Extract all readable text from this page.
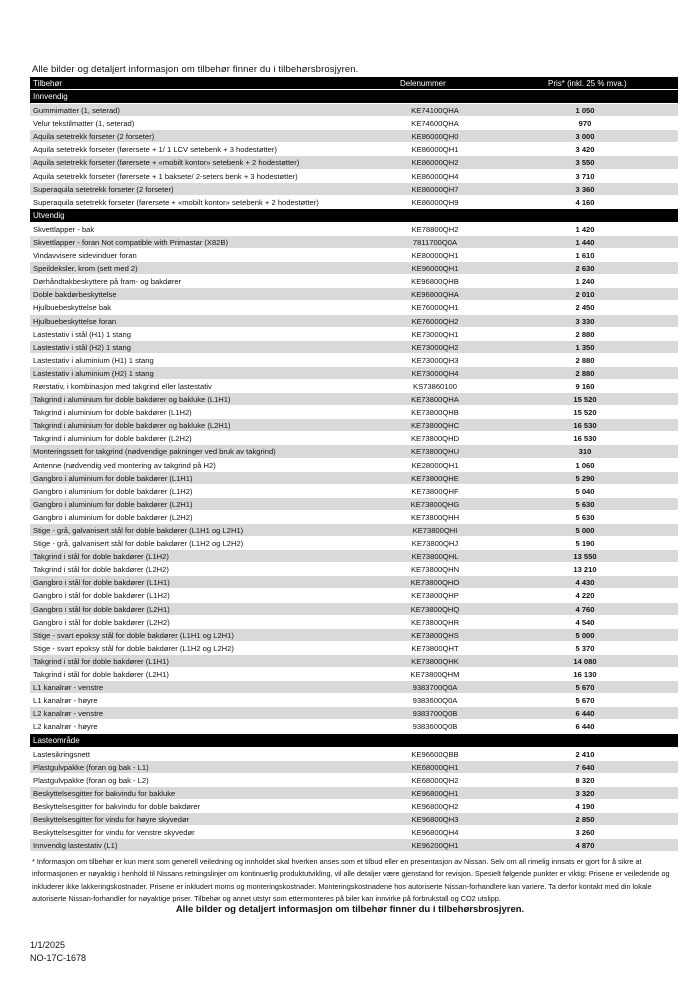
Alle bilder og detaljert informasjon om tilbehør finner du i tilbehørsbrosjyren.
Tilbehør	Delenummer	Pris* (inkl. 25 % mva.)
Innvendig
Gummimatter (1, seterad)	KE74100QHA	1 050
Velur tekstilmatter (1, seterad)	KE74600QHA	970
Aquila setetrekk forseter (2 forseter)	KE86000QH0	3 000
Aquila setetrekk forseter (førersete + 1/ 1 LCV setebenk + 3 hodestøtter)	KE86000QH1	3 420
Aquila setetrekk forseter (førersete + «mobilt kontor» setebenk + 2 hodestøtter)	KE86000QH2	3 550
Aquila setetrekk forseter (førersete + 1 baksete/ 2-seters benk + 3 hodestøtter)	KE86000QH4	3 710
Superaquila setetrekk forseter (2 forseter)	KE86000QH7	3 360
Superaquila setetrekk forseter (førersete + «mobilt kontor» setebenk + 2 hodestøtter)	KE86000QH9	4 160
Utvendig
Skvettlapper - bak	KE78800QH2	1 420
Skvettlapper - foran Not compatible with Primastar (X82B)	7811700Q0A	1 440
Vindavvisere sidevinduer foran	KE80000QH1	1 610
Speildeksler, krom (sett med 2)	KE96000QH1	2 630
Dørhåndtakbeskyttere på fram- og bakdører	KE96800QHB	1 240
Doble bakdørbeskyttelse	KE96800QHA	2 010
Hjulbuebeskyttelse bak	KE76000QH1	2 450
Hjulbuebeskyttelse foran	KE76000QH2	3 330
Lastestativ i stål (H1) 1 stang	KE73000QH1	2 880
Lastestativ i stål (H2) 1 stang	KE73000QH2	1 350
Lastestativ i aluminium (H1) 1 stang	KE73000QH3	2 880
Lastestativ i aluminium (H2) 1 stang	KE73000QH4	2 880
Rørstativ, i kombinasjon med takgrind eller lastestativ	KS73860100	9 160
Takgrind i aluminium for doble bakdører og bakluke (L1H1)	KE73800QHA	15 520
Takgrind i aluminium for doble bakdører (L1H2)	KE73800QHB	15 520
Takgrind i aluminium for doble bakdører og bakluke (L2H1)	KE73800QHC	16 530
Takgrind i aluminium for doble bakdører (L2H2)	KE73800QHD	16 530
Monteringssett for takgrind (nødvendige pakninger ved bruk av takgrind)	KE73800QHU	310
Antenne (nødvendig ved montering av takgrind på H2)	KE28000QH1	1 060
Gangbro i aluminium for doble bakdører (L1H1)	KE73800QHE	5 290
Gangbro i aluminium for doble bakdører (L1H2)	KE73800QHF	5 040
Gangbro i aluminium for doble bakdører (L2H1)	KE73800QHG	5 630
Gangbro i aluminium for doble bakdører (L2H2)	KE73800QHH	5 630
Stige - grå, galvanisert stål for doble bakdører (L1H1 og L2H1)	KE73800QHI	5 000
Stige - grå, galvanisert stål for doble bakdører (L1H2 og L2H2)	KE73800QHJ	5 190
Takgrind i stål for doble bakdører (L1H2)	KE73800QHL	13 550
Takgrind i stål for doble bakdører (L2H2)	KE73800QHN	13 210
Gangbro i stål for doble bakdører (L1H1)	KE73800QHO	4 430
Gangbro i stål for doble bakdører (L1H2)	KE73800QHP	4 220
Gangbro i stål for doble bakdører (L2H1)	KE73800QHQ	4 760
Gangbro i stål for doble bakdører (L2H2)	KE73800QHR	4 540
Stige - svart epoksy stål for doble bakdører (L1H1 og L2H1)	KE73800QHS	5 000
Stige - svart epoksy stål for doble bakdører (L1H2 og L2H2)	KE73800QHT	5 370
Takgrind i stål for doble bakdører (L1H1)	KE73800QHK	14 080
Takgrind i stål for doble bakdører (L2H1)	KE73800QHM	16 130
L1 kanalrør - venstre	9383700Q0A	5 670
L1 kanalrør - høyre	9383600Q0A	5 670
L2 kanalrør - venstre	9383700Q0B	6 440
L2 kanalrør - høyre	9383600Q0B	6 440
Lasteområde
Lastesikringsnett	KE96600QBB	2 410
Plastgulvpakke (foran og bak - L1)	KE68000QH1	7 640
Plastgulvpakke (foran og bak - L2)	KE68000QH2	8 320
Beskyttelsesgitter for bakvindu for bakluke	KE96800QH1	3 320
Beskyttelsesgitter for bakvindu for doble bakdører	KE96800QH2	4 190
Beskyttelsesgitter for vindu for høyre skyvedør	KE96800QH3	2 850
Beskyttelsesgitter for vindu for venstre skyvedør	KE96800QH4	3 260
Innvendig lastestativ (L1)	KE96200QH1	4 870
* Informasjon om tilbehør er kun ment som generell veiledning og innholdet skal hverken anses som et tilbud eller en presentasjon av Nissan. Selv om all rimelig innsats er gjort for å sikre at informasjonen er nøyaktig i henhold til Nissans retningslinjer om kontinuerlig produktutvikling, vil alle detaljer være gjenstand for revisjon. Spesielt følgende punkter er viktig: Prisene er veiledende og inkluderer ikke lakkeringskostnader. Prisene er inkludert moms og monteringskostnader. Monteringskostnadene hos autoriserte Nissan-forhandlere kan variere. Ta derfor kontakt med din lokale autoriserte Nissan-forhandler for nøyaktige priser. Tilbehør og annet utstyr som ettermonteres på biler kan innvirke på forbrukstall og CO2 utslipp.
Alle bilder og detaljert informasjon om tilbehør finner du i tilbehørsbrosjyren.
1/1/2025
NO-17C-1678
